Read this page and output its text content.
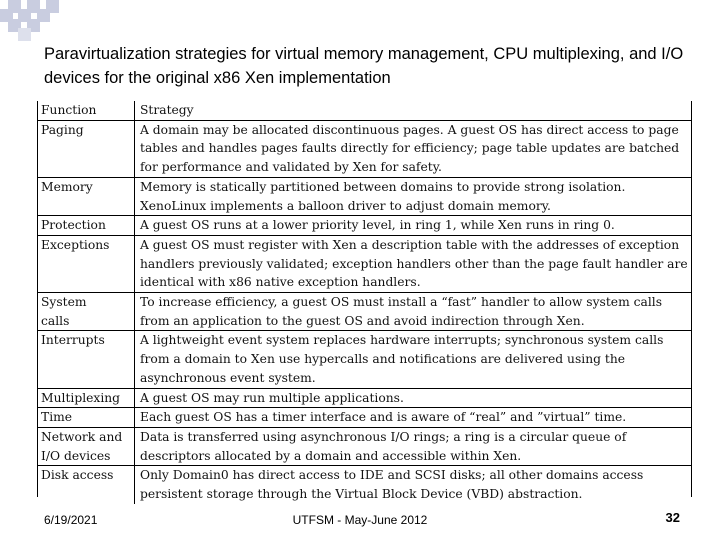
Paravirtualization strategies for virtual memory management, CPU multiplexing, and I/O devices for the original x86 Xen implementation
Function	Strategy
Paging	A domain may be allocated discontinuous pages. A guest OS has direct access to page tables and handles pages faults directly for efficiency; page table updates are batched for performance and validated by Xen for safety.
Memory	Memory is statically partitioned between domains to provide strong isolation. XenoLinux implements a balloon driver to adjust domain memory.
Protection	A guest OS runs at a lower priority level, in ring 1, while Xen runs in ring 0.
Exceptions	A guest OS must register with Xen a description table with the addresses of exception handlers previously validated; exception handlers other than the page fault handler are identical with x86 native exception handlers.
System
calls	To increase efficiency, a guest OS must install a “fast” handler to allow system calls from an application to the guest OS and avoid indirection through Xen.
Interrupts	A lightweight event system replaces hardware interrupts; synchronous system calls from a domain to Xen use hypercalls and notifications are delivered using the asynchronous event system.
Multiplexing	A guest OS may run multiple applications.
Time	Each guest OS has a timer interface and is aware of “real” and ”virtual” time.
Network and
I/O devices	Data is transferred using asynchronous I/O rings; a ring is a circular queue of descriptors allocated by a domain and accessible within Xen.
Disk access	Only Domain0 has direct access to IDE and SCSI disks; all other domains access persistent storage through the Virtual Block Device (VBD) abstraction.
6/19/2021	UTFSM - May-June 2012	32
